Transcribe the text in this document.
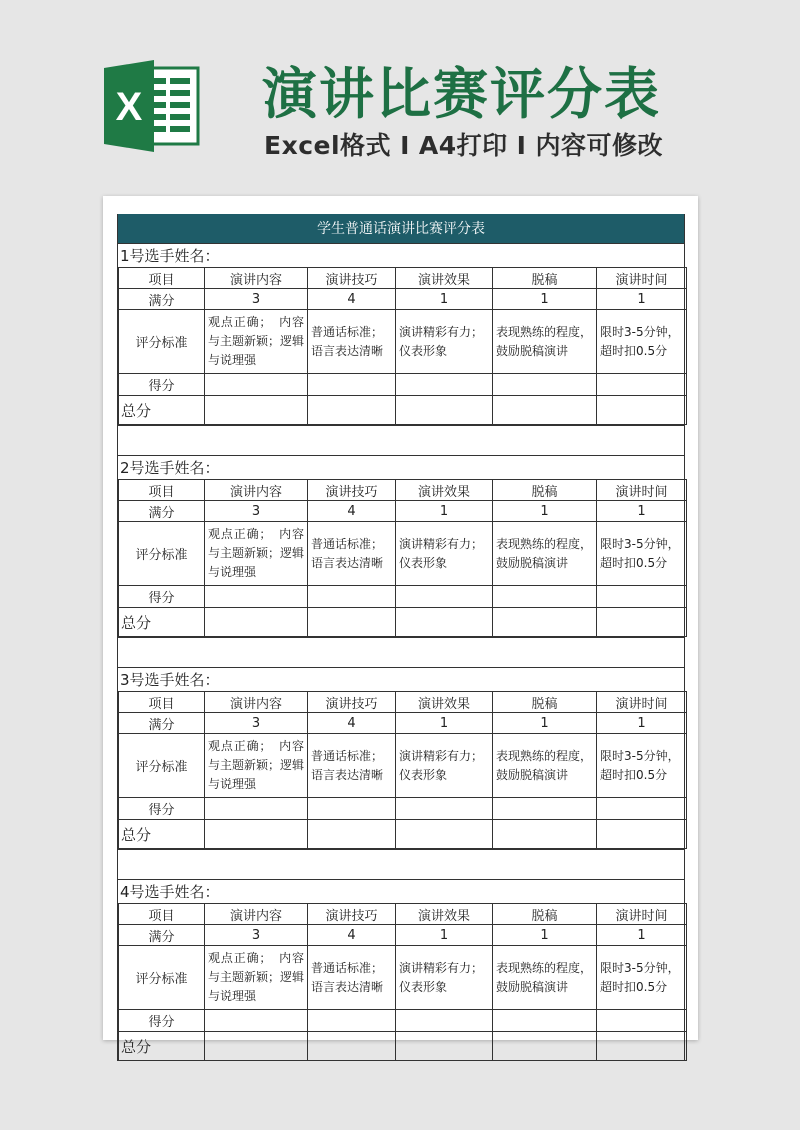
X 演讲比赛评分表
Excel格式 I A4打印 I 内容可修改
学生普通话演讲比赛评分表
1号选手姓名：
项目	演讲内容	演讲技巧	演讲效果	脱稿	演讲时间
满分	3	4	1	1	1
评分标准	观点正确；　内容与主题新颖；逻辑与说理强	普通话标准；语言表达清晰	演讲精彩有力；仪表形象	表现熟练的程度，鼓励脱稿演讲	限时3-5分钟，超时扣0.5分
得分					
总分					
2号选手姓名：
项目	演讲内容	演讲技巧	演讲效果	脱稿	演讲时间
满分	3	4	1	1	1
评分标准	观点正确；　内容与主题新颖；逻辑与说理强	普通话标准；语言表达清晰	演讲精彩有力；仪表形象	表现熟练的程度，鼓励脱稿演讲	限时3-5分钟，超时扣0.5分
得分					
总分					
3号选手姓名：
项目	演讲内容	演讲技巧	演讲效果	脱稿	演讲时间
满分	3	4	1	1	1
评分标准	观点正确；　内容与主题新颖；逻辑与说理强	普通话标准；语言表达清晰	演讲精彩有力；仪表形象	表现熟练的程度，鼓励脱稿演讲	限时3-5分钟，超时扣0.5分
得分					
总分					
4号选手姓名：
项目	演讲内容	演讲技巧	演讲效果	脱稿	演讲时间
满分	3	4	1	1	1
评分标准	观点正确；　内容与主题新颖；逻辑与说理强	普通话标准；语言表达清晰	演讲精彩有力；仪表形象	表现熟练的程度，鼓励脱稿演讲	限时3-5分钟，超时扣0.5分
得分					
总分					
